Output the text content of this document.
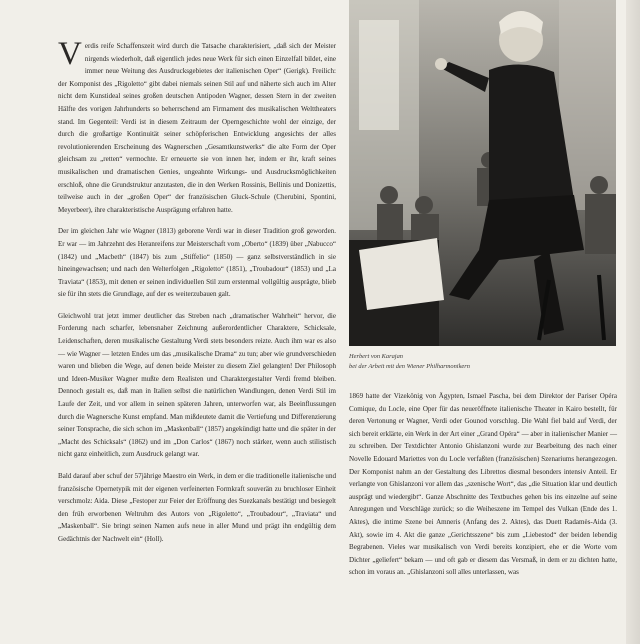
Verdis reife Schaffenszeit wird durch die Tatsache charakterisiert, „daß sich der Meister nirgends wiederholt, daß eigentlich jedes neue Werk für sich einen Einzelfall bildet, eine immer neue Weitung des Ausdrucksgebietes der italienischen Oper“ (Gerigk). Freilich: der Komponist des „Rigoletto“ gibt dabei niemals seinen Stil auf und näherte sich auch im Alter nicht dem Kunstideal seines großen deutschen Antipoden Wagner, dessen Stern in der zweiten Hälfte des vorigen Jahrhunderts so beherrschend am Firmament des musikalischen Welttheaters stand. Im Gegenteil: Verdi ist in diesem Zeitraum der Operngeschichte wohl der einzige, der durch die großartige Kontinuität seiner schöpferischen Entwicklung angesichts der alles revolutionierenden Erscheinung des Wagnerschen „Gesamtkunstwerks“ die alte Form der Oper gleichsam zu „retten“ vermochte. Er erneuerte sie von innen her, indem er ihr, kraft seines musikalischen und dramatischen Genies, ungeahnte Wirkungs- und Ausdrucksmöglichkeiten erschloß, ohne die Grundstruktur anzutasten, die in den Werken Rossinis, Bellinis und Donizettis, teilweise auch in der „großen Oper“ der französischen Gluck-Schule (Cherubini, Spontini, Meyerbeer), ihre charakteristische Ausprägung erfahren hatte.

Der im gleichen Jahr wie Wagner (1813) geborene Verdi war in dieser Tradition groß geworden. Er war — im Jahrzehnt des Heranreifens zur Meisterschaft vom „Oberto“ (1839) über „Nabucco“ (1842) und „Macbeth“ (1847) bis zum „Stiffelio“ (1850) — ganz selbstverständlich in sie hineingewachsen; und nach den Welterfolgen „Rigoletto“ (1851), „Troubadour“ (1853) und „La Traviata“ (1853), mit denen er seinen individuellen Stil zum erstenmal vollgültig ausprägte, blieb sie für ihn stets die Grundlage, auf der es weiterzubauen galt.

Gleichwohl trat jetzt immer deutlicher das Streben nach „dramatischer Wahrheit“ hervor, die Forderung nach scharfer, lebensnaher Zeichnung außerordentlicher Charaktere, Schicksale, Leidenschaften, deren musikalische Gestaltung Verdi stets besonders reizte. Auch ihm war es also — wie Wagner — letzten Endes um das „musikalische Drama“ zu tun; aber wie grundverschieden waren und blieben die Wege, auf denen beide Meister zu diesem Ziel gelangten! Der Philosoph und Ideen-Musiker Wagner mußte dem Realisten und Charaktergestalter Verdi fremd bleiben. Dennoch gestalt es, daß man in Italien selbst die natürlichen Wandlungen, denen Verdi Stil im Laufe der Zeit, und vor allem in seinen späteren Jahren, unterworfen war, als Beeinflussungen durch die Wagnersche Kunst empfand. Man mißdeutete damit die Vertiefung und Differenzierung seiner Tonsprache, die sich schon im „Maskenball“ (1857) angekündigt hatte und die später in der „Macht des Schicksals“ (1862) und im „Don Carlos“ (1867) noch stärker, wenn auch stilistisch nicht ganz einheitlich, zum Ausdruck gelangt war.

Bald darauf aber schuf der 57jährige Maestro ein Werk, in dem er die traditionelle italienische und französische Opernetypik mit der eigenen verfeinerten Formkraft souverän zu bruchloser Einheit verschmolz: Aida. Diese „Festoper zur Feier der Eröffnung des Suezkanals bestätigt und besiegelt den früh erworbenen Weltruhm des Autors von „Rigoletto“, „Troubadour“, „Traviata“ und „Maskenball“. Sie bringt seinen Namen aufs neue in aller Mund und prägt ihn endgültig dem Gedächtnis der Nachwelt ein“ (Holl).

Herbert von Karajan
bei der Arbeit mit den Wiener Philharmonikern

1869 hatte der Vizekönig von Ägypten, Ismael Pascha, bei dem Direktor der Pariser Opéra Comique, du Locle, eine Oper für das neueröffnete italienische Theater in Kairo bestellt, für deren Vertonung er Wagner, Verdi oder Gounod vorschlug. Die Wahl fiel bald auf Verdi, der sich bereit erklärte, ein Werk in der Art einer „Grand Opéra“ — aber in italienischer Manier — zu schreiben. Der Textdichter Antonio Ghislanzoni wurde zur Bearbeitung des nach einer Novelle Edouard Mariettes von du Locle verfaßten (französischen) Szenariums herangezogen. Der Komponist nahm an der Gestaltung des Librettos diesmal besonders intensiv Anteil. Er verlangte von Ghislanzoni vor allem das „szenische Wort“, das „die Situation klar und deutlich ausprägt und wiedergibt“. Ganze Abschnitte des Textbuches gehen bis ins einzelne auf seine Anregungen und Vorschläge zurück; so die Weiheszene im Tempel des Vulkan (Ende des 1. Aktes), die intime Szene bei Amneris (Anfang des 2. Aktes), das Duett Radamès-Aida (3. Akt), sowie im 4. Akt die ganze „Gerichtsszene“ bis zum „Liebestod“ der beiden lebendig Begrabenen. Vieles war musikalisch von Verdi bereits konzipiert, ehe er die Worte vom Dichter „geliefert“ bekam — und oft gab er diesem das Versmaß, in dem er zu dichten hatte, schon im voraus an. „Ghislanzoni soll alles unterlassen, was
